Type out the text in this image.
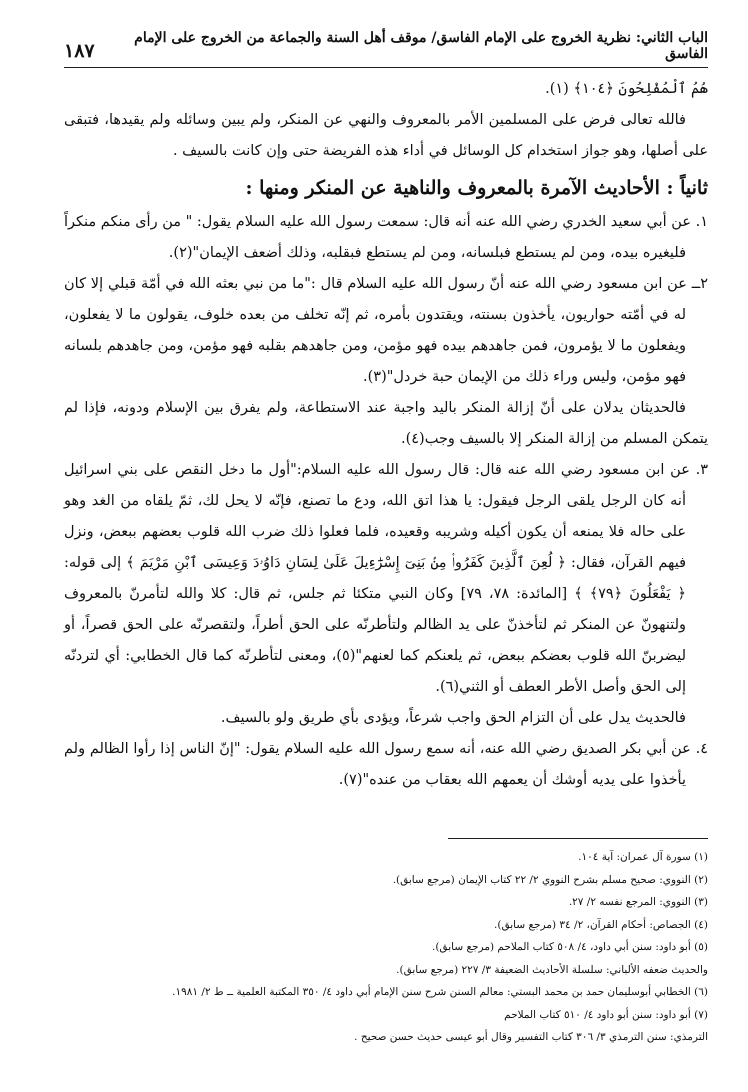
الباب الثاني: نظرية الخروج على الإمام الفاسق/ موقف أهل السنة والجماعة من الخروج على الإمام الفاسق
١٨٧

هُمُ ٱلْمُفْلِحُونَ ﴿١٠٤﴾ (١).

فالله تعالى فرض على المسلمين الأمر بالمعروف والنهي عن المنكر، ولم يبين وسائله ولم يقيدها، فتبقى على أصلها، وهو جواز استخدام كل الوسائل في أداء هذه الفريضة حتى وإن كانت بالسيف .

ثانياً : الأحاديث الآمرة بالمعروف والناهية عن المنكر ومنها :

١. عن أبي سعيد الخدري رضي الله عنه أنه قال: سمعت رسول الله عليه السلام يقول: " من رأى منكم منكراً فليغيره بيده، ومن لم يستطع فبلسانه، ومن لم يستطع فبقلبه، وذلك أضعف الإيمان"(٢).

٢ــ عن ابن مسعود رضي الله عنه أنّ رسول الله عليه السلام قال :"ما من نبي بعثه الله في أمّة قبلي إلا كان له في أمّته حواريون، يأخذون بسنته، ويقتدون بأمره، ثم إنّه تخلف من بعده خلوف، يقولون ما لا يفعلون، ويفعلون ما لا يؤمرون، فمن جاهدهم بيده فهو مؤمن، ومن جاهدهم بقلبه فهو مؤمن، ومن جاهدهم بلسانه فهو مؤمن، وليس وراء ذلك من الإيمان حبة خردل"(٣).

فالحديثان يدلان على أنّ إزالة المنكر باليد واجبة عند الاستطاعة، ولم يفرق بين الإسلام ودونه، فإذا لم يتمكن المسلم من إزالة المنكر إلا بالسيف وجب(٤).

٣. عن ابن مسعود رضي الله عنه قال: قال رسول الله عليه السلام:"أول ما دخل النقص على بني اسرائيل أنه كان الرجل يلقى الرجل فيقول: يا هذا اتق الله، ودع ما تصنع، فإنّه لا يحل لك، ثمّ يلقاه من الغد وهو على حاله فلا يمنعه أن يكون أكيله وشريبه وقعيده، فلما فعلوا ذلك ضرب الله قلوب بعضهم ببعض، ونزل فيهم القرآن، فقال: ﴿ لُعِنَ ٱلَّذِينَ كَفَرُوا۟ مِنۢ بَنِىٓ إِسْرَٰٓءِيلَ عَلَىٰ لِسَانِ دَاوُۥدَ وَعِيسَى ٱبْنِ مَرْيَمَ ﴾ إلى قوله: ﴿ يَفْعَلُونَ ﴿٧٩﴾ ﴾ [المائدة: ٧٨، ٧٩] وكان النبي متكئا ثم جلس، ثم قال: كلا والله لتأمرنّ بالمعروف ولتنهونّ عن المنكر ثم لتأخذنّ على يد الظالم ولتأطرنّه على الحق أطراً، ولتقصرنّه على الحق قصراً، أو ليضربنّ الله قلوب بعضكم ببعض، ثم يلعنكم كما لعنهم"(٥)، ومعنى لتأطرنّه كما قال الخطابي: أي لتردنّه إلى الحق وأصل الأطر العطف أو الثني(٦).

فالحديث يدل على أن التزام الحق واجب شرعاً، ويؤدى بأي طريق ولو بالسيف.

٤. عن أبي بكر الصديق رضي الله عنه، أنه سمع رسول الله عليه السلام يقول: "إنّ الناس إذا رأوا الظالم ولم يأخذوا على يديه أوشك أن يعمهم الله بعقاب من عنده"(٧).

(١) سورة آل عمران: آية ١٠٤.

(٢) النووي: صحيح مسلم بشرح النووي ٢/ ٢٢ كتاب الإيمان (مرجع سابق).

(٣) النووي: المرجع نفسه ٢/ ٢٧.

(٤) الجصاص: أحكام القرآن، ٢/ ٣٤ (مرجع سابق).

(٥) أبو داود: سنن أبي داود، ٤/ ٥٠٨ كتاب الملاحم (مرجع سابق).

والحديث ضعفه الألباني: سلسلة الأحاديث الضعيفة ٣/ ٢٢٧ (مرجع سابق).

(٦) الخطابي أبوسليمان حمد بن محمد البستي: معالم السنن شرح سنن الإمام أبي داود ٤/ ٣٥٠ المكتبة العلمية ــ ط ٢/ ١٩٨١.

(٧) أبو داود: سنن أبو داود ٤/ ٥١٠ كتاب الملاحم

الترمذي: سنن الترمذي ٣/ ٣٠٦ كتاب التفسير وقال أبو عيسى حديث حسن صحيح .
